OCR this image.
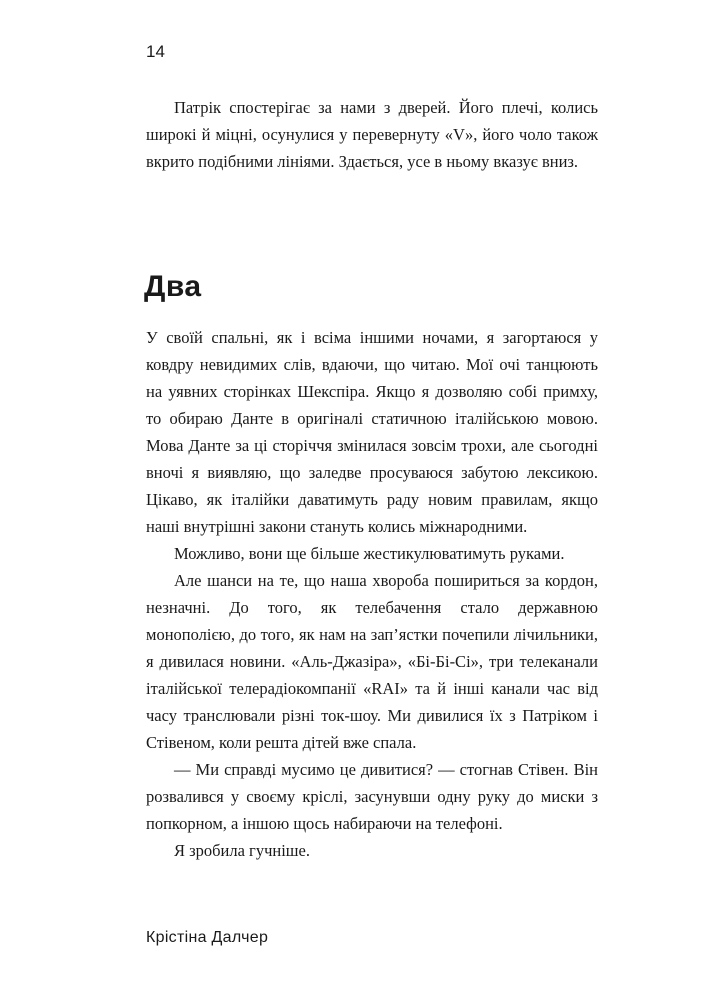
14

Патрік спостерігає за нами з дверей. Його плечі, колись широкі й міцні, осунулися у перевернуту «V», його чоло також вкрито подібними лініями. Здається, усе в ньому вказує вниз.

Два

У своїй спальні, як і всіма іншими ночами, я загортаюся у ковдру невидимих слів, вдаючи, що читаю. Мої очі танцюють на уявних сторінках Шекспіра. Якщо я дозволяю собі примху, то обираю Данте в оригіналі статичною італійською мовою. Мова Данте за ці сторіччя змінилася зовсім трохи, але сьогодні вночі я виявляю, що заледве просуваюся забутою лексикою. Цікаво, як італійки даватимуть раду новим правилам, якщо наші внутрішні закони стануть колись міжнародними.

Можливо, вони ще більше жестикулюватимуть руками.

Але шанси на те, що наша хвороба пошириться за кордон, незначні. До того, як телебачення стало державною монополією, до того, як нам на зап’ястки почепили лічильники, я дивилася новини. «Аль-Джазіра», «Бі-Бі-Сі», три телеканали італійської телерадіокомпанії «RAI» та й інші канали час від часу транслювали різні ток-шоу. Ми дивилися їх з Патріком і Стівеном, коли решта дітей вже спала.

— Ми справді мусимо це дивитися? — стогнав Стівен. Він розвалився у своєму кріслі, засунувши одну руку до миски з попкорном, а іншою щось набираючи на телефоні.

Я зробила гучніше.

Крістіна Далчер
